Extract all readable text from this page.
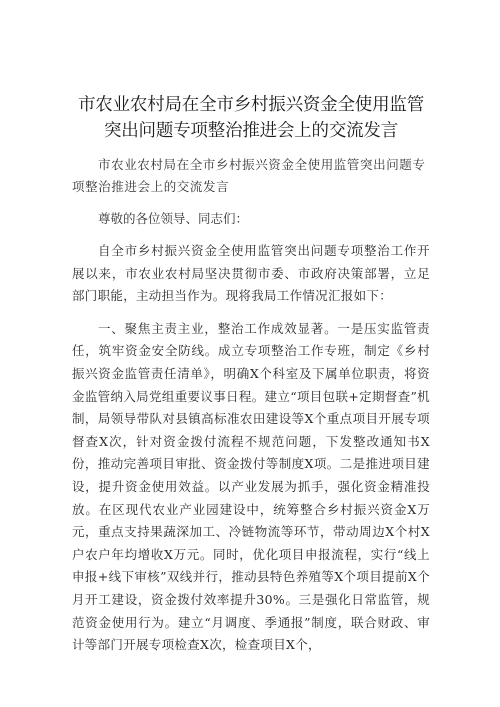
市农业农村局在全市乡村振兴资金全使用监管
突出问题专项整治推进会上的交流发言
市农业农村局在全市乡村振兴资金全使用监管突出问题专项整治推进会上的交流发言
尊敬的各位领导、同志们：
自全市乡村振兴资金全使用监管突出问题专项整治工作开展以来，市农业农村局坚决贯彻市委、市政府决策部署，立足部门职能，主动担当作为。现将我局工作情况汇报如下：
一、聚焦主责主业，整治工作成效显著。一是压实监管责任，筑牢资金安全防线。成立专项整治工作专班，制定《乡村振兴资金监管责任清单》，明确X个科室及下属单位职责，将资金监管纳入局党组重要议事日程。建立“项目包联+定期督查”机制，局领导带队对县镇高标准农田建设等X个重点项目开展专项督查X次，针对资金拨付流程不规范问题，下发整改通知书X份，推动完善项目审批、资金拨付等制度X项。二是推进项目建设，提升资金使用效益。以产业发展为抓手，强化资金精准投放。在区现代农业产业园建设中，统筹整合乡村振兴资金X万元，重点支持果蔬深加工、冷链物流等环节，带动周边X个村X户农户年均增收X万元。同时，优化项目申报流程，实行“线上申报+线下审核”双线并行，推动县特色养殖等X个项目提前X个月开工建设，资金拨付效率提升30%。三是强化日常监管，规范资金使用行为。建立“月调度、季通报”制度，联合财政、审计等部门开展专项检查X次，检查项目X个，
